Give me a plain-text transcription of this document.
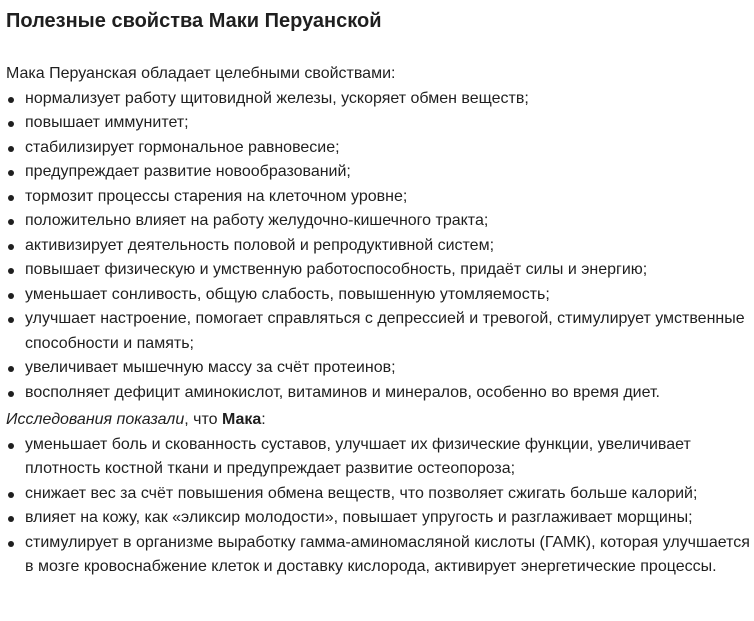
Полезные свойства Маки Перуанской

Мака Перуанская обладает целебными свойствами:

нормализует работу щитовидной железы, ускоряет обмен веществ;
повышает иммунитет;
стабилизирует гормональное равновесие;
предупреждает развитие новообразований;
тормозит процессы старения на клеточном уровне;
положительно влияет на работу желудочно-кишечного тракта;
активизирует деятельность половой и репродуктивной систем;
повышает физическую и умственную работоспособность, придаёт силы и энергию;
уменьшает сонливость, общую слабость, повышенную утомляемость;
улучшает настроение, помогает справляться с депрессией и тревогой, стимулирует умственные способности и память;
увеличивает мышечную массу за счёт протеинов;
восполняет дефицит аминокислот, витаминов и минералов, особенно во время диет.

Исследования показали, что Мака:

уменьшает боль и скованность суставов, улучшает их физические функции, увеличивает плотность костной ткани и предупреждает развитие остеопороза;
снижает вес за счёт повышения обмена веществ, что позволяет сжигать больше калорий;
влияет на кожу, как «эликсир молодости», повышает упругость и разглаживает морщины;
стимулирует в организме выработку гамма-аминомасляной кислоты (ГАМК), которая улучшается в мозге кровоснабжение клеток и доставку кислорода, активирует энергетические процессы.
